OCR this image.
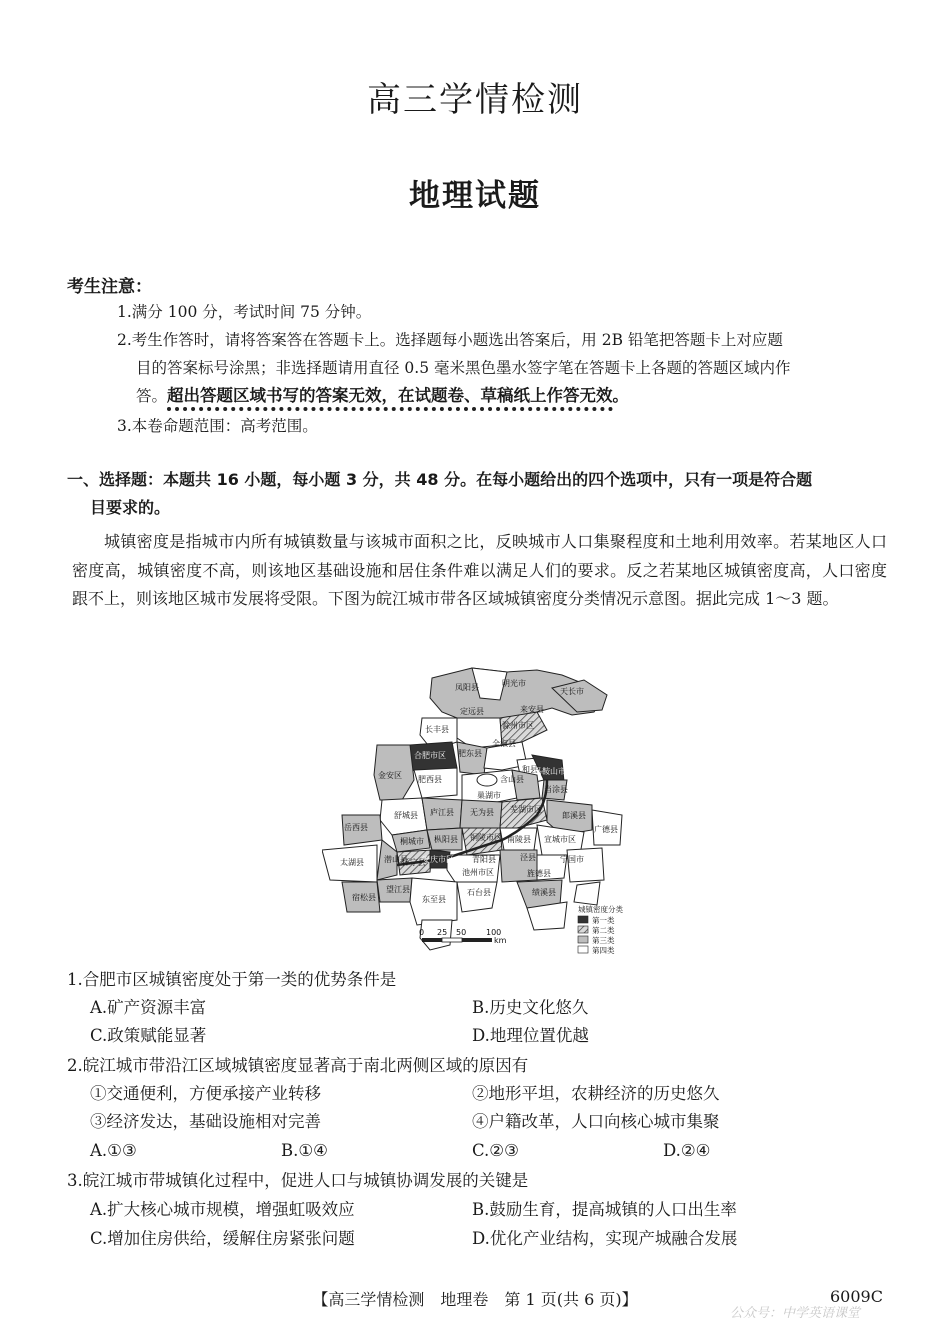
高三学情检测
地理试题
考生注意：
1.满分 100 分，考试时间 75 分钟。
2.考生作答时，请将答案答在答题卡上。选择题每小题选出答案后，用 2B 铅笔把答题卡上对应题
目的答案标号涂黑；非选择题请用直径 0.5 毫米黑色墨水签字笔在答题卡上各题的答题区域内作
答。超出答题区域书写的答案无效，在试题卷、草稿纸上作答无效。
3.本卷命题范围：高考范围。
一、选择题：本题共 16 小题，每小题 3 分，共 48 分。在每小题给出的四个选项中，只有一项是符合题
目要求的。
城镇密度是指城市内所有城镇数量与该城市面积之比，反映城市人口集聚程度和土地利用效率。若某地区人口密度高，城镇密度不高，则该地区基础设施和居住条件难以满足人们的要求。反之若某地区城镇密度高，人口密度跟不上，则该地区城市发展将受限。下图为皖江城市带各区域城镇密度分类情况示意图。据此完成 1～3 题。
凤阳县	明光市
天长市
定远县	来安县
滁州市区
长丰县
肥东县
全椒县
合肥市区
肥西县	含山县
和县
马鞍山市区
当涂县
金安区
巢湖市
舒城县 庐江县 无为县 芜湖市区
郎溪县
广德县
岳西县
桐城市 枞阳县 铜陵市区 南陵县 宣城市区
潜山县
怀宁县
安庆市区 青阳县	泾县	宁国市
太湖县
池州市区
望江县
旌德县
宿松县	东至县
石台县	绩溪县
0 25 50 100
km
城镇密度分类
第一类
第二类
第三类
第四类
1.合肥市区城镇密度处于第一类的优势条件是
A.矿产资源丰富	B.历史文化悠久
C.政策赋能显著	D.地理位置优越
2.皖江城市带沿江区域城镇密度显著高于南北两侧区域的原因有
①交通便利，方便承接产业转移	②地形平坦，农耕经济的历史悠久
③经济发达，基础设施相对完善	④户籍改革，人口向核心城市集聚
A.①③	B.①④	C.②③	D.②④
3.皖江城市带城镇化过程中，促进人口与城镇协调发展的关键是
A.扩大核心城市规模，增强虹吸效应	B.鼓励生育，提高城镇的人口出生率
C.增加住房供给，缓解住房紧张问题	D.优化产业结构，实现产城融合发展
【高三学情检测　地理卷　第 1 页(共 6 页)】	6009C
公众号：中学英语课堂
